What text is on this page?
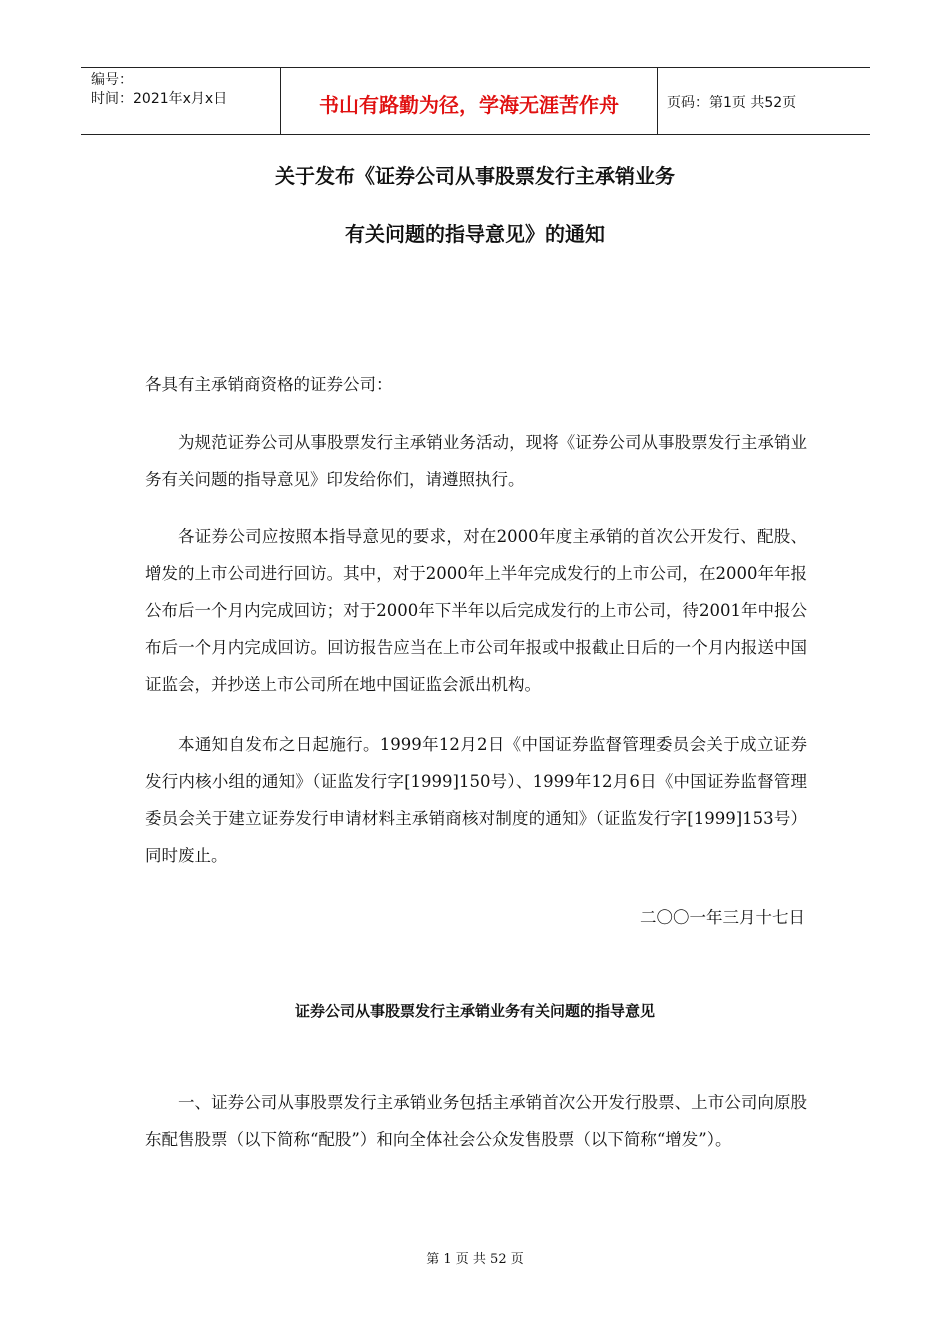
编号：
时间：2021年x月x日	书山有路勤为径，学海无涯苦作舟	页码：第1页 共52页
关于发布《证券公司从事股票发行主承销业务
有关问题的指导意见》的通知

各具有主承销商资格的证券公司：

为规范证券公司从事股票发行主承销业务活动，现将《证券公司从事股票发行主承销业务有关问题的指导意见》印发给你们，请遵照执行。

各证券公司应按照本指导意见的要求，对在2000年度主承销的首次公开发行、配股、增发的上市公司进行回访。其中，对于2000年上半年完成发行的上市公司，在2000年年报公布后一个月内完成回访；对于2000年下半年以后完成发行的上市公司，待2001年中报公布后一个月内完成回访。回访报告应当在上市公司年报或中报截止日后的一个月内报送中国证监会，并抄送上市公司所在地中国证监会派出机构。

本通知自发布之日起施行。1999年12月2日《中国证券监督管理委员会关于成立证券发行内核小组的通知》（证监发行字[1999]150号）、1999年12月6日《中国证券监督管理委员会关于建立证券发行申请材料主承销商核对制度的通知》（证监发行字[1999]153号）同时废止。

二〇〇一年三月十七日
证券公司从事股票发行主承销业务有关问题的指导意见

一、证券公司从事股票发行主承销业务包括主承销首次公开发行股票、上市公司向原股东配售股票（以下简称“配股”）和向全体社会公众发售股票（以下简称“增发”）。

第 1 页 共 52 页
